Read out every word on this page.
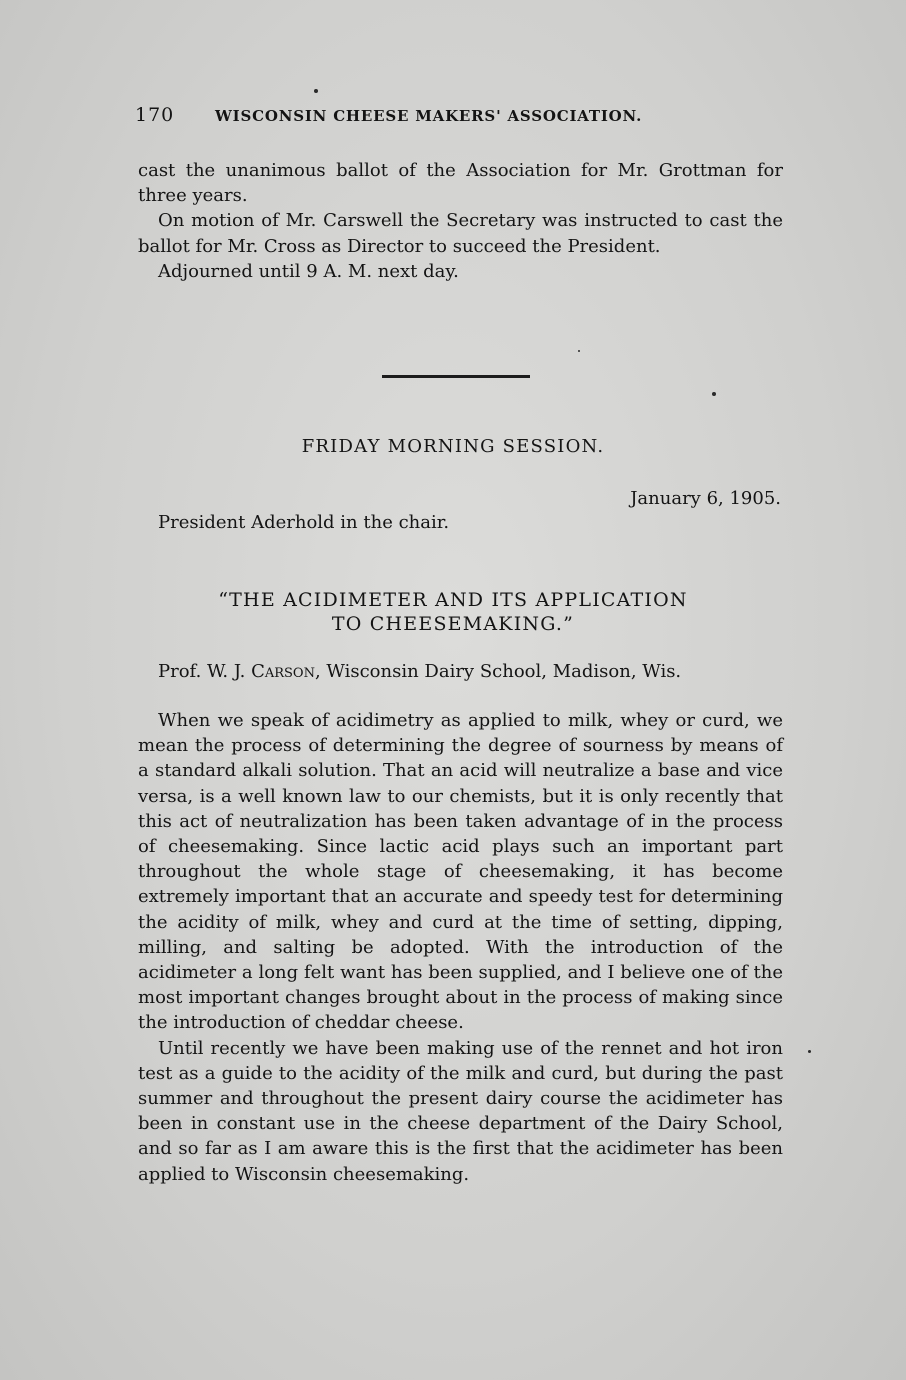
170	WISCONSIN CHEESE MAKERS' ASSOCIATION.

cast the unanimous ballot of the Association for Mr. Grottman for three years.

On motion of Mr. Carswell the Secretary was instructed to cast the ballot for Mr. Cross as Director to succeed the President.

Adjourned until 9 A. M. next day.

FRIDAY MORNING SESSION.
January 6, 1905.
President Aderhold in the chair.
“THE ACIDIMETER AND ITS APPLICATION
TO CHEESEMAKING.”
Prof. W. J. Carson, Wisconsin Dairy School, Madison, Wis.

When we speak of acidimetry as applied to milk, whey or curd, we mean the process of determining the degree of sourness by means of a standard alkali solution. That an acid will neutralize a base and vice versa, is a well known law to our chemists, but it is only recently that this act of neutralization has been taken advantage of in the process of cheesemaking. Since lactic acid plays such an important part throughout the whole stage of cheesemaking, it has become extremely important that an accurate and speedy test for determining the acidity of milk, whey and curd at the time of setting, dipping, milling, and salting be adopted. With the introduction of the acidimeter a long felt want has been supplied, and I believe one of the most important changes brought about in the process of making since the introduction of cheddar cheese.

Until recently we have been making use of the rennet and hot iron test as a guide to the acidity of the milk and curd, but during the past summer and throughout the present dairy course the acidimeter has been in constant use in the cheese department of the Dairy School, and so far as I am aware this is the first that the acidimeter has been applied to Wisconsin cheesemaking.
